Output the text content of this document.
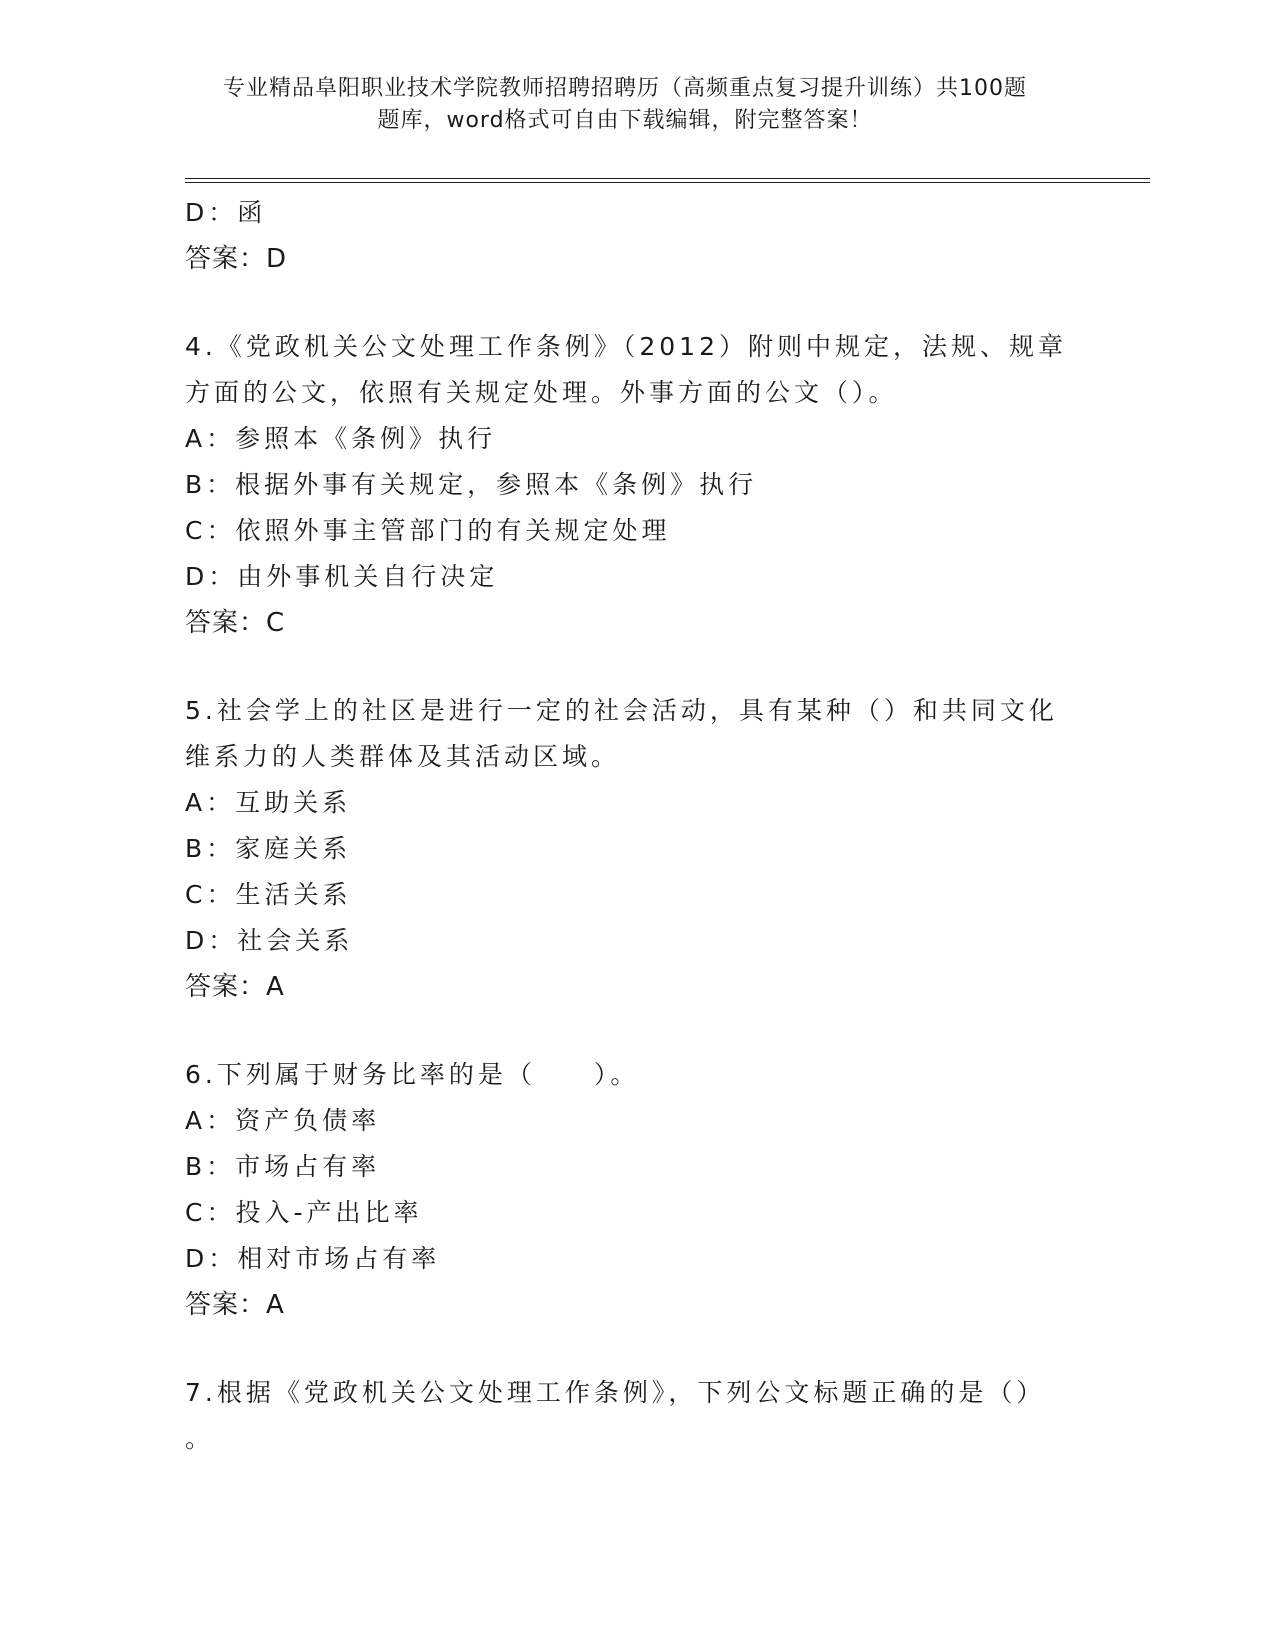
专业精品阜阳职业技术学院教师招聘招聘历（高频重点复习提升训练）共100题
题库，word格式可自由下载编辑，附完整答案！
D：函
答案：D
4.《党政机关公文处理工作条例》（2012）附则中规定，法规、规章
方面的公文，依照有关规定处理。外事方面的公文（）。
A：参照本《条例》执行
B：根据外事有关规定，参照本《条例》执行
C：依照外事主管部门的有关规定处理
D：由外事机关自行决定
答案：C
5.社会学上的社区是进行一定的社会活动，具有某种（）和共同文化
维系力的人类群体及其活动区域。
A：互助关系
B：家庭关系
C：生活关系
D：社会关系
答案：A
6.下列属于财务比率的是（　　）。
A：资产负债率
B：市场占有率
C：投入-产出比率
D：相对市场占有率
答案：A
7.根据《党政机关公文处理工作条例》，下列公文标题正确的是（）
。
